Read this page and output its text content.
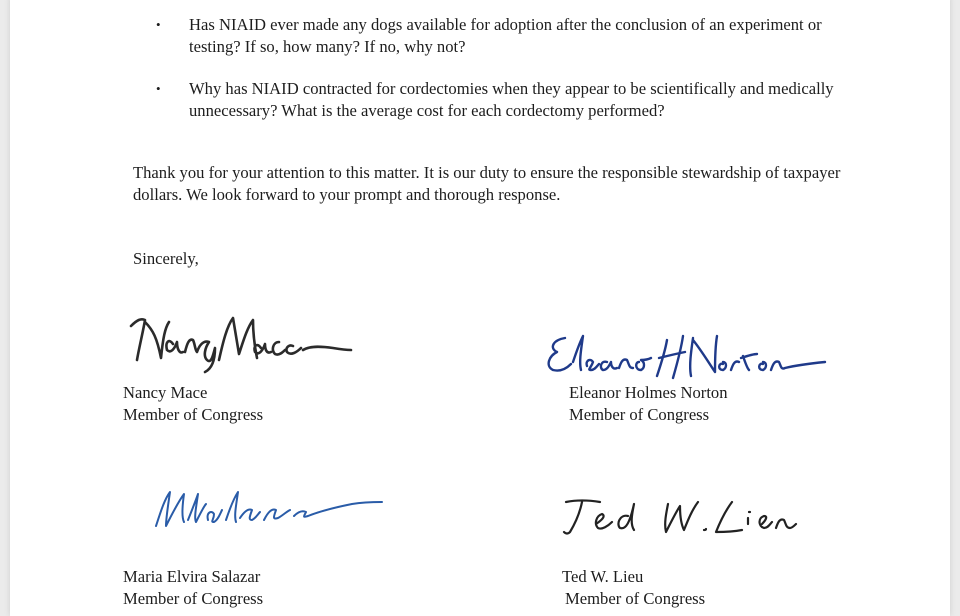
• Has NIAID ever made any dogs available for adoption after the conclusion of an experiment or testing? If so, how many? If no, why not?
• Why has NIAID contracted for cordectomies when they appear to be scientifically and medically unnecessary? What is the average cost for each cordectomy performed?

Thank you for your attention to this matter. It is our duty to ensure the responsible stewardship of taxpayer dollars. We look forward to your prompt and thorough response.

Sincerely,

Nancy Mace
Member of Congress
Eleanor Holmes Norton
Member of Congress
Maria Elvira Salazar
Member of Congress
Ted W. Lieu
Member of Congress
